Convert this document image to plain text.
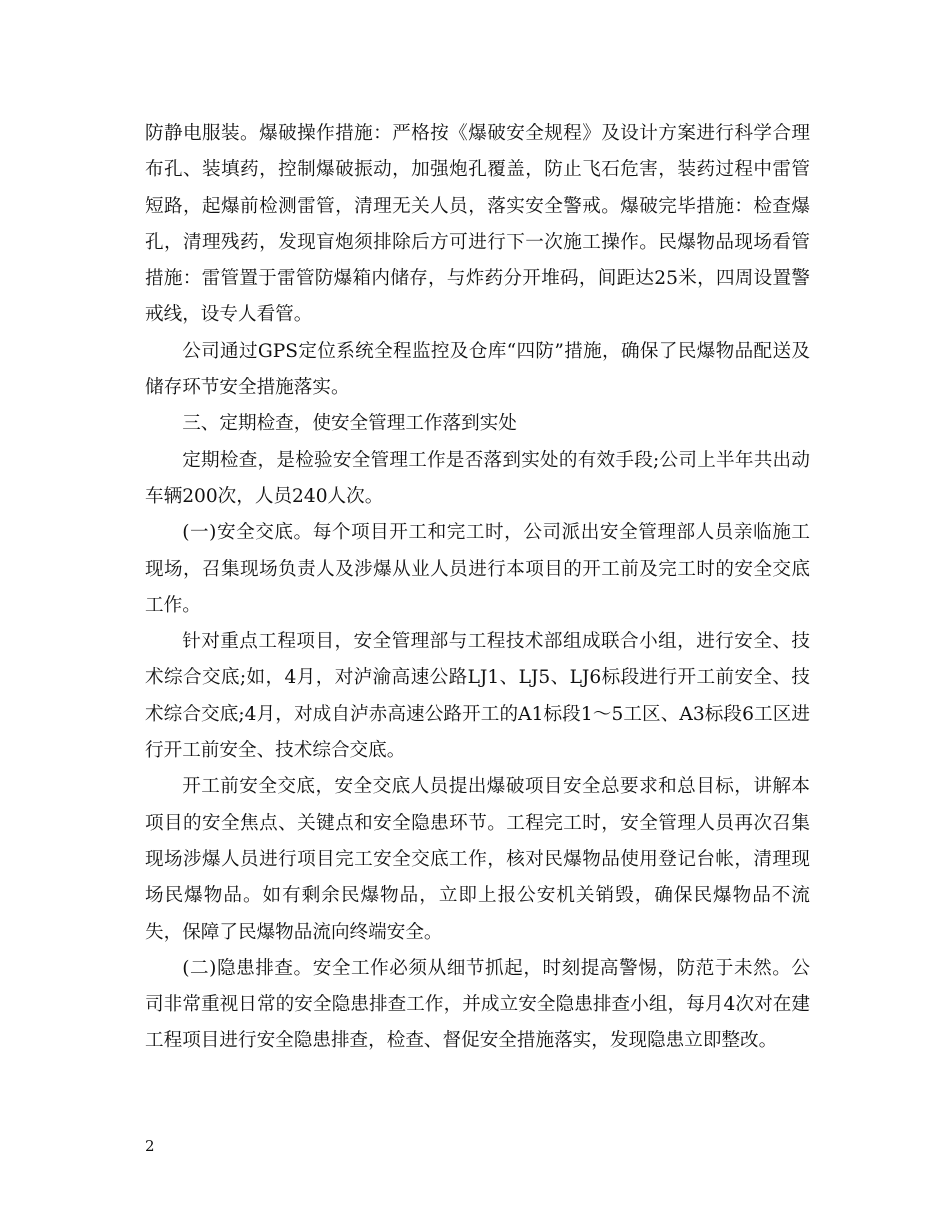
防静电服装。爆破操作措施：严格按《爆破安全规程》及设计方案进行科学合理布孔、装填药，控制爆破振动，加强炮孔覆盖，防止飞石危害，装药过程中雷管短路，起爆前检测雷管，清理无关人员，落实安全警戒。爆破完毕措施：检查爆孔，清理残药，发现盲炮须排除后方可进行下一次施工操作。民爆物品现场看管措施：雷管置于雷管防爆箱内储存，与炸药分开堆码，间距达25米，四周设置警戒线，设专人看管。

公司通过GPS定位系统全程监控及仓库“四防”措施，确保了民爆物品配送及储存环节安全措施落实。

三、定期检查，使安全管理工作落到实处

定期检查，是检验安全管理工作是否落到实处的有效手段;公司上半年共出动车辆200次，人员240人次。

(一)安全交底。每个项目开工和完工时，公司派出安全管理部人员亲临施工现场，召集现场负责人及涉爆从业人员进行本项目的开工前及完工时的安全交底工作。

针对重点工程项目，安全管理部与工程技术部组成联合小组，进行安全、技术综合交底;如，4月，对泸渝高速公路LJ1、LJ5、LJ6标段进行开工前安全、技术综合交底;4月，对成自泸赤高速公路开工的A1标段1～5工区、A3标段6工区进行开工前安全、技术综合交底。

开工前安全交底，安全交底人员提出爆破项目安全总要求和总目标，讲解本项目的安全焦点、关键点和安全隐患环节。工程完工时，安全管理人员再次召集现场涉爆人员进行项目完工安全交底工作，核对民爆物品使用登记台帐，清理现场民爆物品。如有剩余民爆物品，立即上报公安机关销毁，确保民爆物品不流失，保障了民爆物品流向终端安全。

(二)隐患排查。安全工作必须从细节抓起，时刻提高警惕，防范于未然。公司非常重视日常的安全隐患排查工作，并成立安全隐患排查小组，每月4次对在建工程项目进行安全隐患排查，检查、督促安全措施落实，发现隐患立即整改。

2
